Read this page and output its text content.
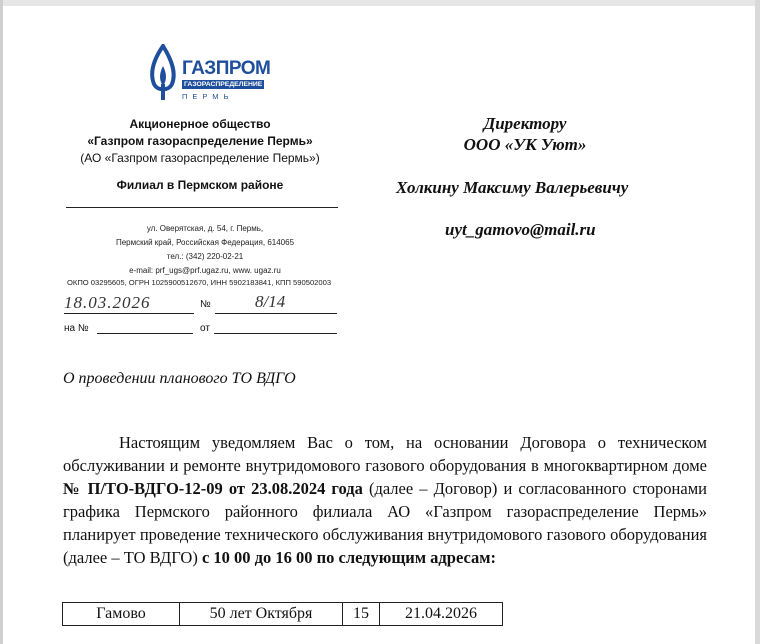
ГАЗПРОМ
ГАЗОРАСПРЕДЕЛЕНИЕ
ПЕРМЬ
Акционерное общество
«Газпром газораспределение Пермь»
(АО «Газпром газораспределение Пермь»)
Филиал в Пермском районе
ул. Оверятская, д. 54, г. Пермь,
Пермский край, Российская Федерация, 614065
тел.: (342) 220-02-21
e-mail: prf_ugs@prf.ugaz.ru, www. ugaz.ru
ОКПО 03295605, ОГРН 1025900512670, ИНН 5902183841, КПП 590502003
18.03.2026	№	8/14
на №	от
Директору
ООО «УК Уют»
Холкину Максиму Валерьевичу
uyt_gamovo@mail.ru
О проведении планового ТО ВДГО
Настоящим уведомляем Вас о том, на основании Договора о техническом обслуживании и ремонте внутридомового газового оборудования в многоквартирном доме № П/ТО-ВДГО-12-09 от 23.08.2024 года (далее – Договор) и согласованного сторонами графика Пермского районного филиала АО «Газпром газораспределение Пермь» планирует проведение технического обслуживания внутридомового газового оборудования (далее – ТО ВДГО) с 10 00 до 16 00 по следующим адресам:
Гамово	50 лет Октября	15	21.04.2026
